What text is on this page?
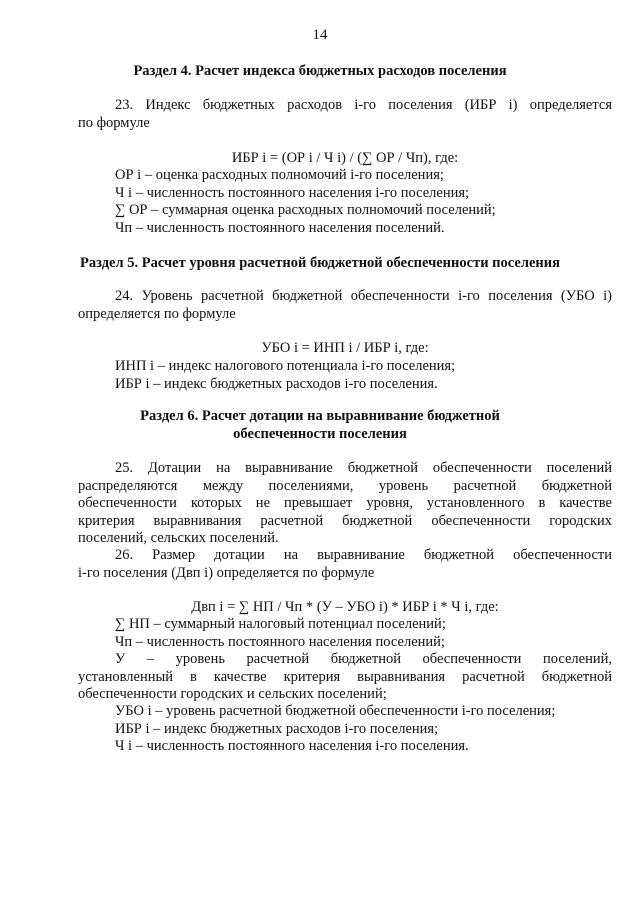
14
Раздел 4. Расчет индекса бюджетных расходов поселения
23. Индекс бюджетных расходов i-го поселения (ИБР i) определяется
по формуле
ИБР i = (ОР i / Ч i) / (∑ ОР / Чп), где:
ОР i – оценка расходных полномочий i-го поселения;
Ч i – численность постоянного населения i-го поселения;
∑ ОР – суммарная оценка расходных полномочий поселений;
Чп – численность постоянного населения поселений.
Раздел 5. Расчет уровня расчетной бюджетной обеспеченности поселения
24. Уровень расчетной бюджетной обеспеченности i-го поселения (УБО i)
определяется по формуле
УБО i = ИНП i / ИБР i, где:
ИНП i – индекс налогового потенциала i-го поселения;
ИБР i – индекс бюджетных расходов i-го поселения.
Раздел 6. Расчет дотации на выравнивание бюджетной
обеспеченности поселения
25. Дотации на выравнивание бюджетной обеспеченности поселений
распределяются между поселениями, уровень расчетной бюджетной
обеспеченности которых не превышает уровня, установленного в качестве
критерия выравнивания расчетной бюджетной обеспеченности городских
поселений, сельских поселений.
26. Размер дотации на выравнивание бюджетной обеспеченности
i-го поселения (Двп i) определяется по формуле
Двп i = ∑ НП / Чп * (У – УБО i) * ИБР i * Ч i, где:
∑ НП – суммарный налоговый потенциал поселений;
Чп – численность постоянного населения поселений;
У – уровень расчетной бюджетной обеспеченности поселений,
установленный в качестве критерия выравнивания расчетной бюджетной
обеспеченности городских и сельских поселений;
УБО i – уровень расчетной бюджетной обеспеченности i-го поселения;
ИБР i – индекс бюджетных расходов i-го поселения;
Ч i – численность постоянного населения i-го поселения.
